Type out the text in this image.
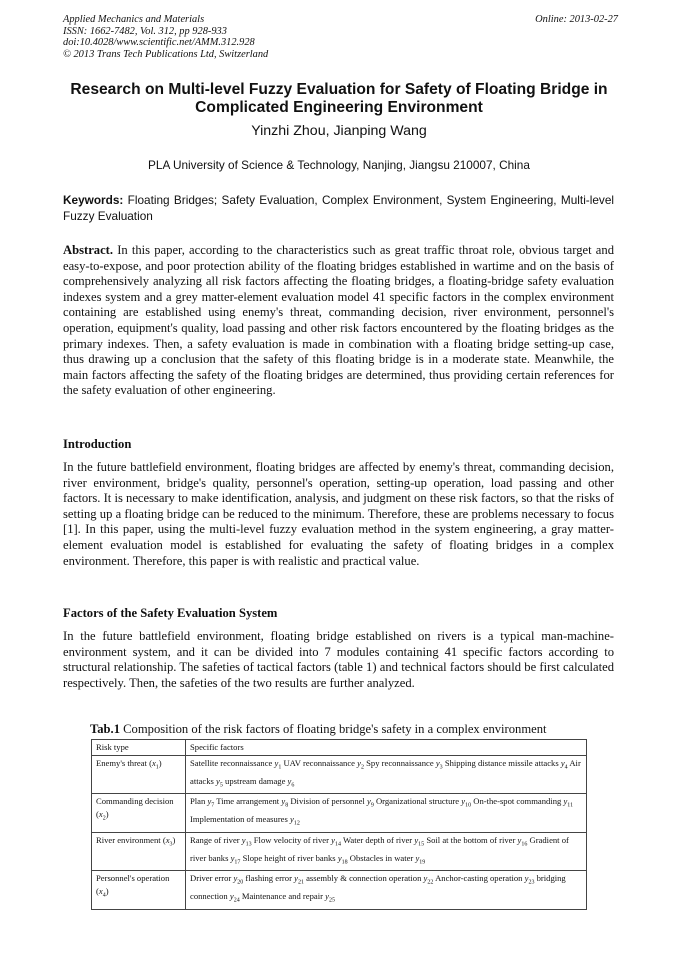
Applied Mechanics and Materials
ISSN: 1662-7482, Vol. 312, pp 928-933
doi:10.4028/www.scientific.net/AMM.312.928
© 2013 Trans Tech Publications Ltd, Switzerland
Online: 2013-02-27
Research on Multi-level Fuzzy Evaluation for Safety of Floating Bridge in Complicated Engineering Environment
Yinzhi Zhou, Jianping Wang
PLA University of Science & Technology, Nanjing, Jiangsu 210007, China
Keywords: Floating Bridges; Safety Evaluation, Complex Environment, System Engineering, Multi-level Fuzzy Evaluation
Abstract. In this paper, according to the characteristics such as great traffic throat role, obvious target and easy-to-expose, and poor protection ability of the floating bridges established in wartime and on the basis of comprehensively analyzing all risk factors affecting the floating bridges, a floating-bridge safety evaluation indexes system and a grey matter-element evaluation model 41 specific factors in the complex environment containing are established using enemy's threat, commanding decision, river environment, personnel's operation, equipment's quality, load passing and other risk factors encountered by the floating bridges as the primary indexes. Then, a safety evaluation is made in combination with a floating bridge setting-up case, thus drawing up a conclusion that the safety of this floating bridge is in a moderate state. Meanwhile, the main factors affecting the safety of the floating bridges are determined, thus providing certain references for the safety evaluation of other engineering.
Introduction
In the future battlefield environment, floating bridges are affected by enemy's threat, commanding decision, river environment, bridge's quality, personnel's operation, setting-up operation, load passing and other factors. It is necessary to make identification, analysis, and judgment on these risk factors, so that the risks of setting up a floating bridge can be reduced to the minimum. Therefore, these are problems necessary to focus [1]. In this paper, using the multi-level fuzzy evaluation method in the system engineering, a gray matter-element evaluation model is established for evaluating the safety of floating bridges in a complex environment. Therefore, this paper is with realistic and practical value.
Factors of the Safety Evaluation System
In the future battlefield environment, floating bridge established on rivers is a typical man-machine-environment system, and it can be divided into 7 modules containing 41 specific factors according to structural relationship. The safeties of tactical factors (table 1) and technical factors should be first calculated respectively. Then, the safeties of the two results are further analyzed.
Tab.1 Composition of the risk factors of floating bridge's safety in a complex environment
Risk type	Specific factors
Enemy's threat $(x_1)$	Satellite reconnaissance $y_1$ UAV reconnaissance $y_2$ Spy reconnaissance $y_3$ Shipping distance missile attacks $y_4$ Air attacks $y_5$ upstream damage $y_6$
Commanding decision $(x_2)$	Plan $y_7$ Time arrangement $y_8$ Division of personnel $y_9$ Organizational structure $y_{10}$ On-the-spot commanding $y_{11}$ Implementation of measures $y_{12}$
River environment $(x_3)$	Range of river $y_{13}$ Flow velocity of river $y_{14}$ Water depth of river $y_{15}$ Soil at the bottom of river $y_{16}$ Gradient of river banks $y_{17}$ Slope height of river banks $y_{18}$ Obstacles in water $y_{19}$
Personnel's operation $(x_4)$	Driver error $y_{20}$ flashing error $y_{21}$ assembly & connection operation $y_{22}$ Anchor-casting operation $y_{23}$ bridging connection $y_{24}$ Maintenance and repair $y_{25}$
